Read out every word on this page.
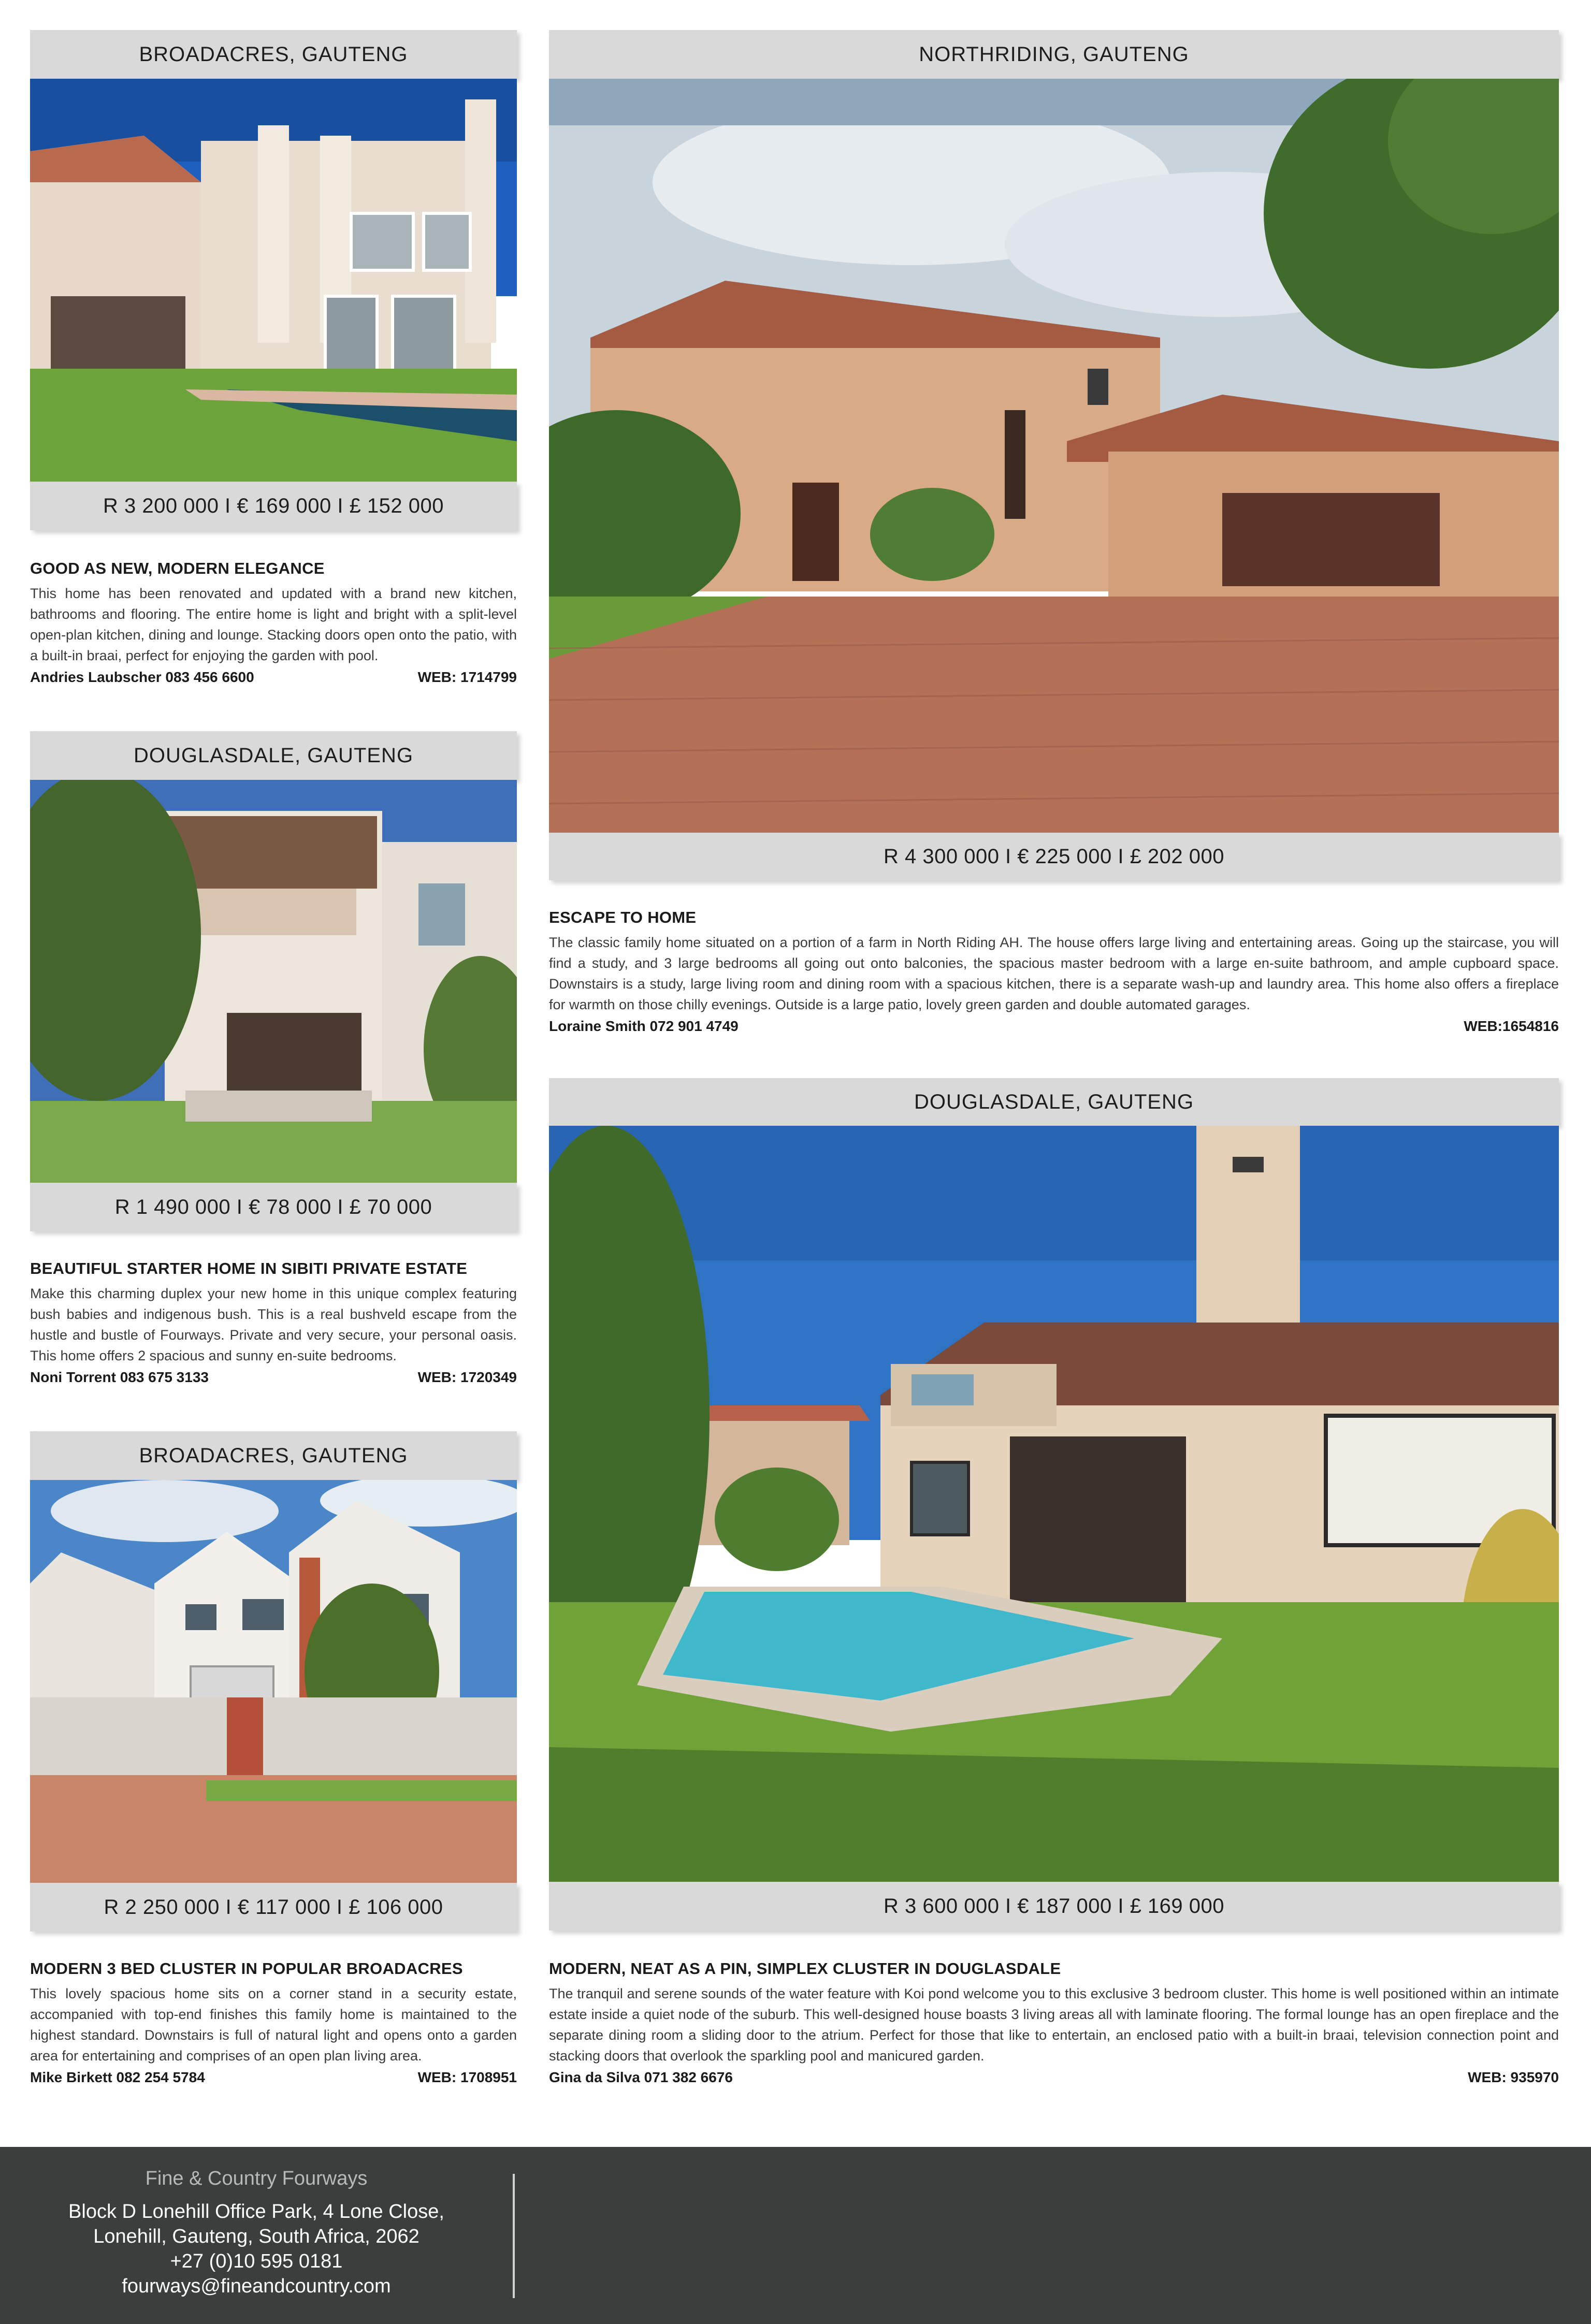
BROADACRES, GAUTENG
R 3 200 000 I € 169 000 I £ 152 000
GOOD AS NEW, MODERN ELEGANCE
This home has been renovated and updated with a brand new kitchen, bathrooms and flooring. The entire home is light and bright with a split-level open-plan kitchen, dining and lounge. Stacking doors open onto the patio, with a built-in braai, perfect for enjoying the garden with pool.
Andries Laubscher 083 456 6600	WEB: 1714799
NORTHRIDING, GAUTENG
R 4 300 000 I € 225 000 I £ 202 000
ESCAPE TO HOME
The classic family home situated on a portion of a farm in North Riding AH. The house offers large living and entertaining areas. Going up the staircase, you will find a study, and 3 large bedrooms all going out onto balconies, the spacious master bedroom with a large en-suite bathroom, and ample cupboard space. Downstairs is a study, large living room and dining room with a spacious kitchen, there is a separate wash-up and laundry area. This home also offers a fireplace for warmth on those chilly evenings. Outside is a large patio, lovely green garden and double automated garages.
Loraine Smith 072 901 4749	WEB:1654816
DOUGLASDALE, GAUTENG
R 1 490 000 I € 78 000 I £ 70 000
BEAUTIFUL STARTER HOME IN SIBITI PRIVATE ESTATE
Make this charming duplex your new home in this unique complex featuring bush babies and indigenous bush. This is a real bushveld escape from the hustle and bustle of Fourways. Private and very secure, your personal oasis. This home offers 2 spacious and sunny en-suite bedrooms.
Noni Torrent 083 675 3133	WEB: 1720349
DOUGLASDALE, GAUTENG
R 3 600 000 I € 187 000 I £ 169 000
MODERN, NEAT AS A PIN, SIMPLEX CLUSTER IN DOUGLASDALE
The tranquil and serene sounds of the water feature with Koi pond welcome you to this exclusive 3 bedroom cluster. This home is well positioned within an intimate estate inside a quiet node of the suburb. This well-designed house boasts 3 living areas all with laminate flooring. The formal lounge has an open fireplace and the separate dining room a sliding door to the atrium. Perfect for those that like to entertain, an enclosed patio with a built-in braai, television connection point and stacking doors that overlook the sparkling pool and manicured garden.
Gina da Silva 071 382 6676	WEB: 935970
BROADACRES, GAUTENG
R 2 250 000 I € 117 000 I £ 106 000
MODERN 3 BED CLUSTER IN POPULAR BROADACRES
This lovely spacious home sits on a corner stand in a security estate, accompanied with top-end finishes this family home is maintained to the highest standard. Downstairs is full of natural light and opens onto a garden area for entertaining and comprises of an open plan living area.
Mike Birkett 082 254 5784	WEB: 1708951
Fine & Country Fourways
Block D Lonehill Office Park, 4 Lone Close,
Lonehill, Gauteng, South Africa, 2062
+27 (0)10 595 0181
fourways@fineandcountry.com
